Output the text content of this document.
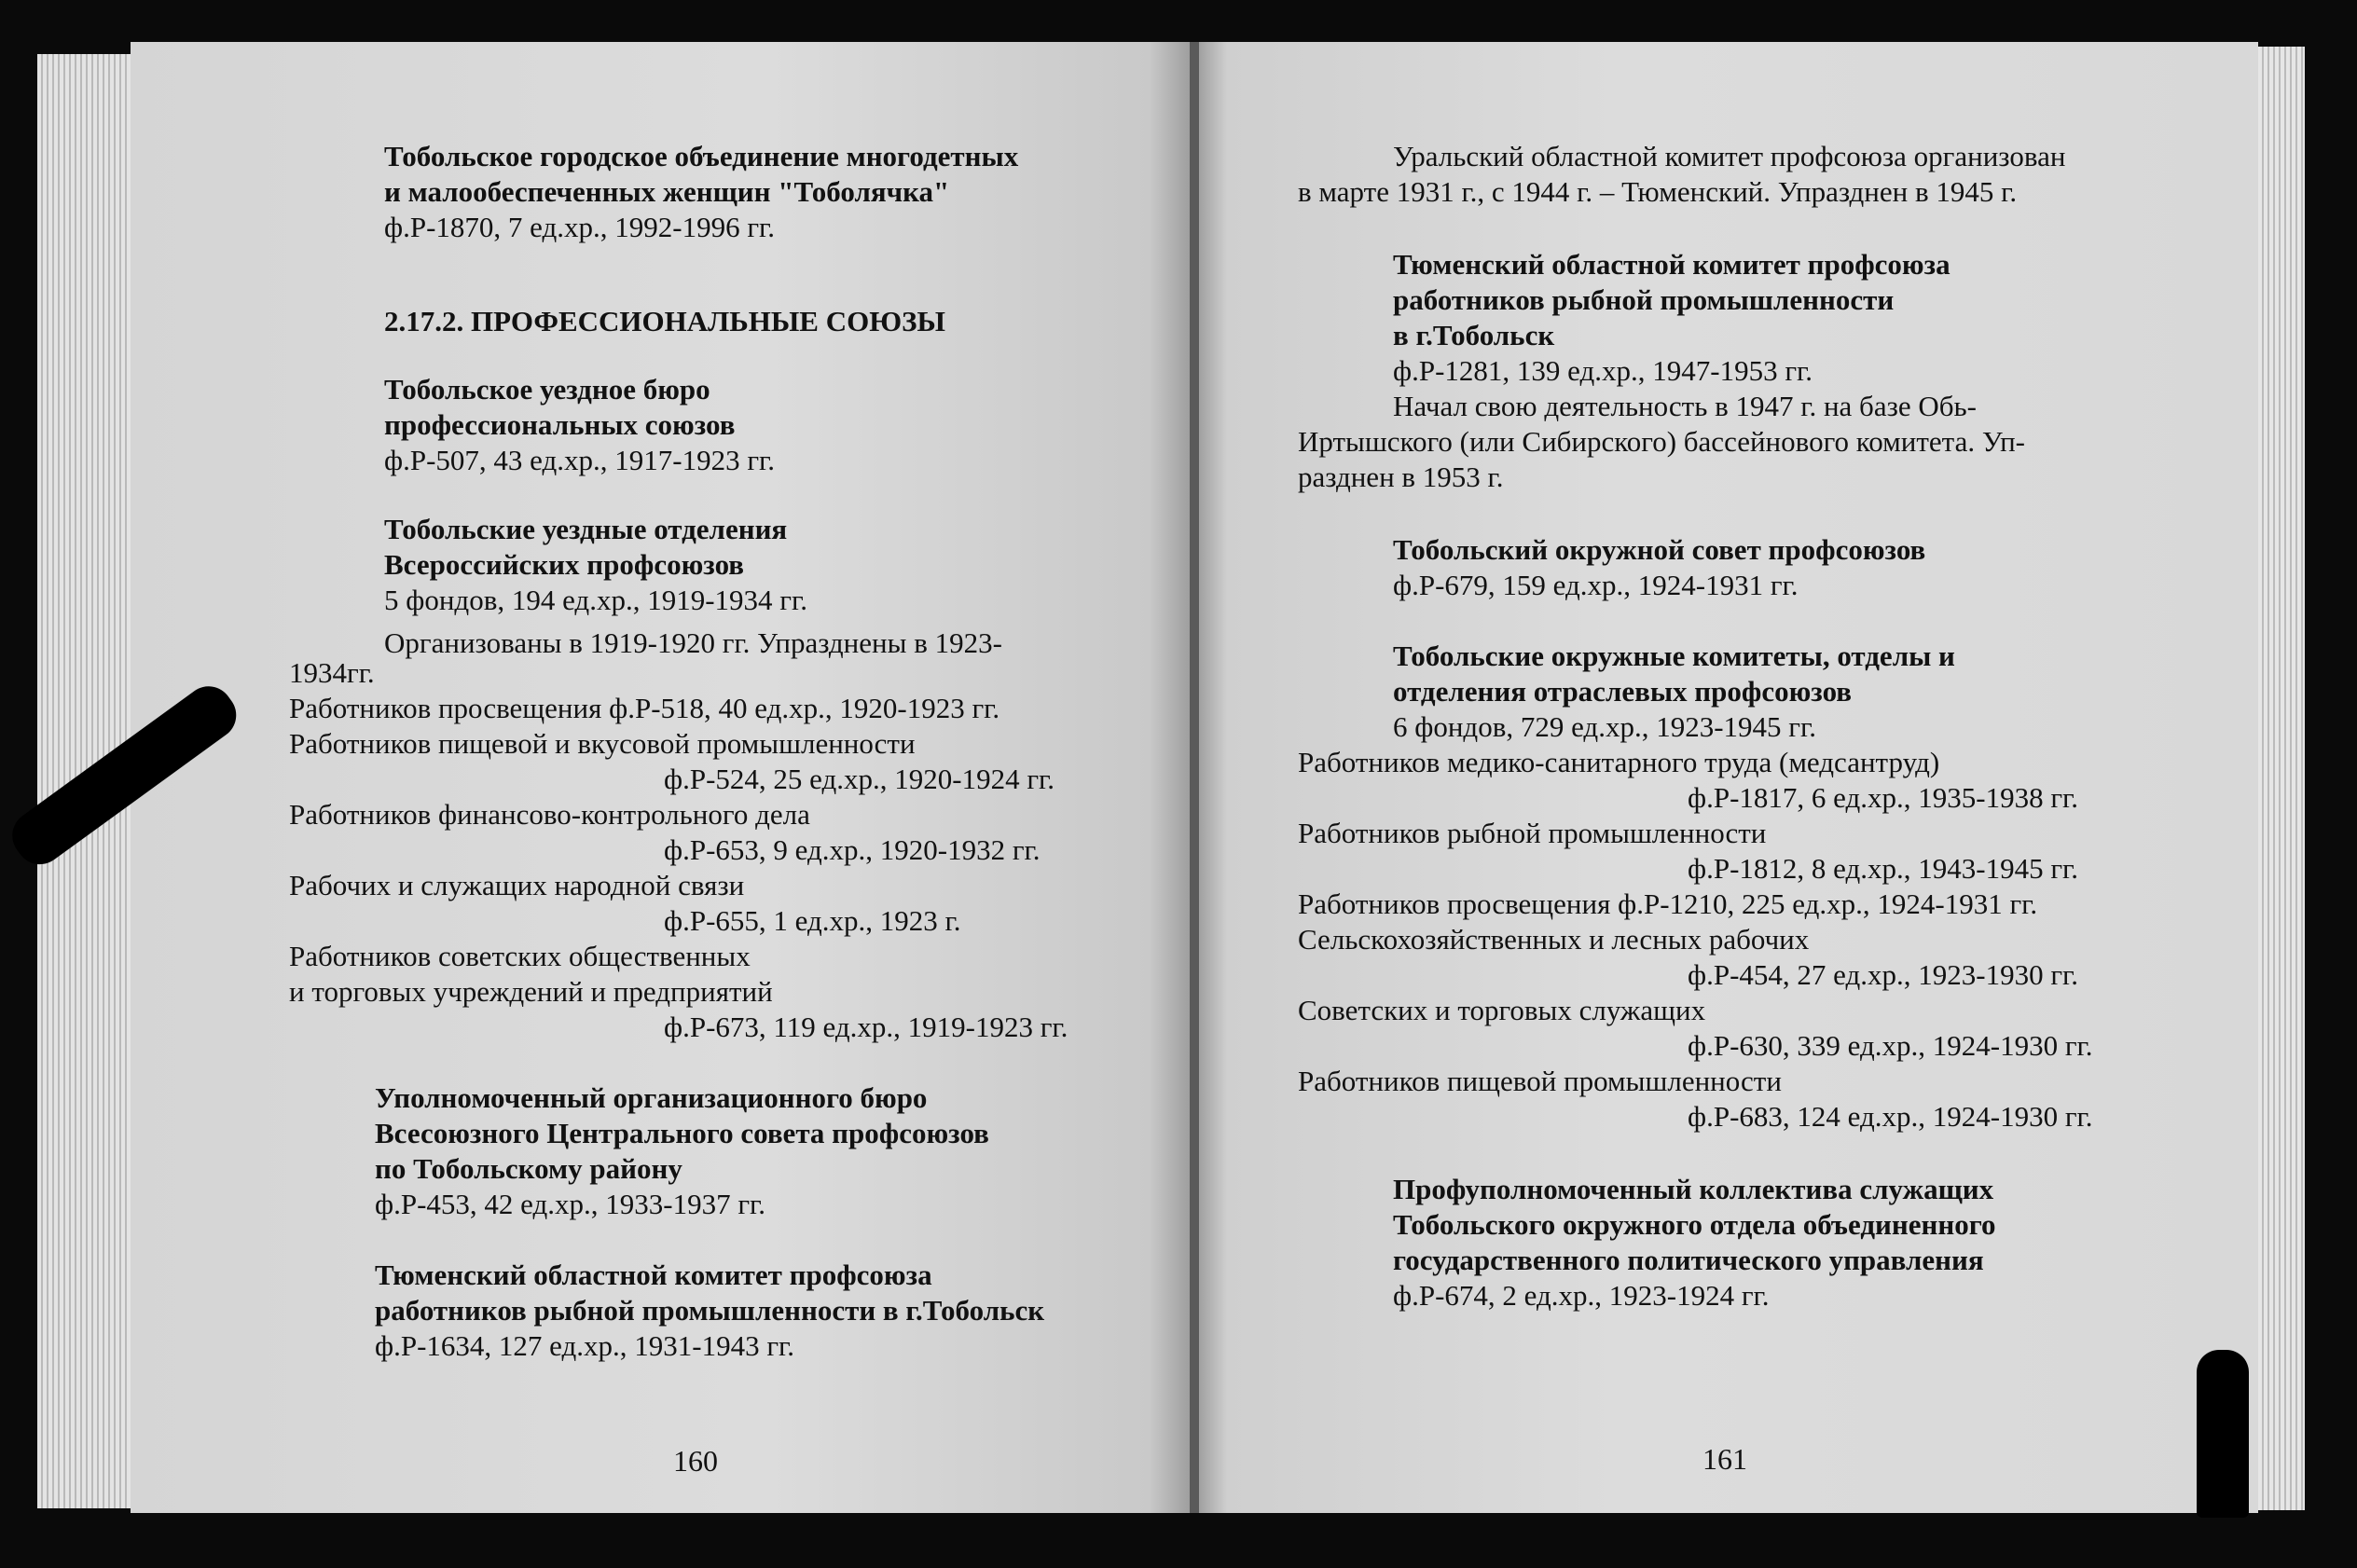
Тобольское городское объединение многодетных
и малообеспеченных женщин "Тоболячка"
ф.Р-1870, 7 ед.хр., 1992-1996 гг.
2.17.2. ПРОФЕССИОНАЛЬНЫЕ СОЮЗЫ
Тобольское уездное бюро
профессиональных союзов
ф.Р-507, 43 ед.хр., 1917-1923 гг.
Тобольские уездные отделения
Всероссийских профсоюзов
5 фондов, 194 ед.хр., 1919-1934 гг.
Организованы в 1919-1920 гг. Упразднены в 1923-
1934гг.
Работников просвещения ф.Р-518, 40 ед.хр., 1920-1923 гг.
Работников пищевой и вкусовой промышленности
ф.Р-524, 25 ед.хр., 1920-1924 гг.
Работников финансово-контрольного дела
ф.Р-653, 9 ед.хр., 1920-1932 гг.
Рабочих и служащих народной связи
ф.Р-655, 1 ед.хр., 1923 г.
Работников советских общественных
и торговых учреждений и предприятий
ф.Р-673, 119 ед.хр., 1919-1923 гг.
Уполномоченный организационного бюро
Всесоюзного Центрального совета профсоюзов
по Тобольскому району
ф.Р-453, 42 ед.хр., 1933-1937 гг.
Тюменский областной комитет профсоюза
работников рыбной промышленности в г.Тобольск
ф.Р-1634, 127 ед.хр., 1931-1943 гг.
Уральский областной комитет профсоюза организован
в марте 1931 г., с 1944 г. – Тюменский. Упразднен в 1945 г.
Тюменский областной комитет профсоюза
работников рыбной промышленности
в г.Тобольск
ф.Р-1281, 139 ед.хр., 1947-1953 гг.
Начал свою деятельность в 1947 г. на базе Обь-
Иртышского (или Сибирского) бассейнового комитета. Уп-
разднен в 1953 г.
Тобольский окружной совет профсоюзов
ф.Р-679, 159 ед.хр., 1924-1931 гг.
Тобольские окружные комитеты, отделы и
отделения отраслевых профсоюзов
6 фондов, 729 ед.хр., 1923-1945 гг.
Работников медико-санитарного труда (медсантруд)
ф.Р-1817, 6 ед.хр., 1935-1938 гг.
Работников рыбной промышленности
ф.Р-1812, 8 ед.хр., 1943-1945 гг.
Работников просвещения ф.Р-1210, 225 ед.хр., 1924-1931 гг.
Сельскохозяйственных и лесных рабочих
ф.Р-454, 27 ед.хр., 1923-1930 гг.
Советских и торговых служащих
ф.Р-630, 339 ед.хр., 1924-1930 гг.
Работников пищевой промышленности
ф.Р-683, 124 ед.хр., 1924-1930 гг.
Профуполномоченный коллектива служащих
Тобольского окружного отдела объединенного
государственного политического управления
ф.Р-674, 2 ед.хр., 1923-1924 гг.
160	161
